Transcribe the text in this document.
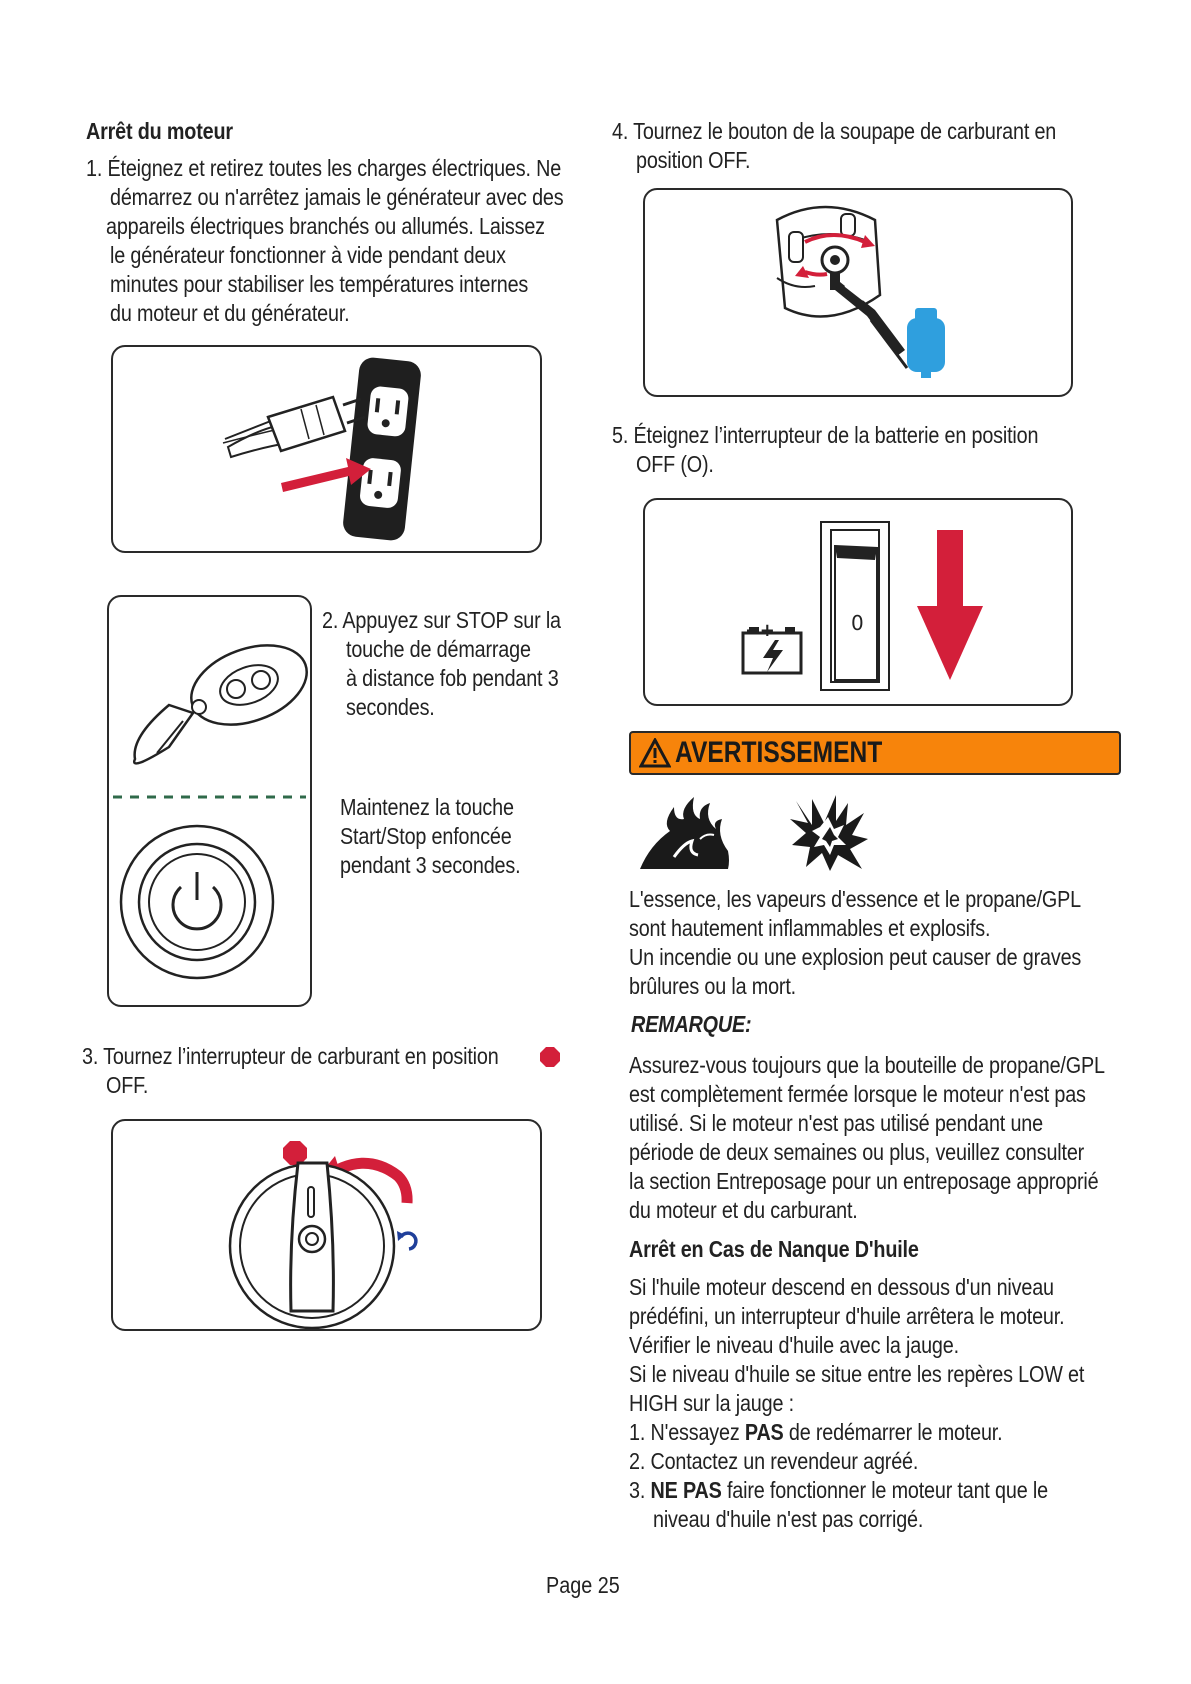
Arrêt du moteur
1. Éteignez et retirez toutes les charges électriques. Ne
démarrez ou n'arrêtez jamais le générateur avec des
appareils électriques branchés ou allumés. Laissez
le générateur fonctionner à vide pendant deux
minutes pour stabiliser les températures internes
du moteur et du générateur.
2. Appuyez sur STOP sur la
touche de démarrage
à distance fob pendant 3
secondes.
Maintenez la touche
Start/Stop enfoncée
pendant 3 secondes.
3. Tournez l’interrupteur de carburant en position
OFF.
4. Tournez le bouton de la soupape de carburant en
position OFF.
5. Éteignez l’interrupteur de la batterie en position
OFF (O).
- +	0
AVERTISSEMENT
L'essence, les vapeurs d'essence et le propane/GPL
sont hautement inflammables et explosifs.
Un incendie ou une explosion peut causer de graves
brûlures ou la mort.
REMARQUE:
Assurez-vous toujours que la bouteille de propane/GPL
est complètement fermée lorsque le moteur n'est pas
utilisé. Si le moteur n'est pas utilisé pendant une
période de deux semaines ou plus, veuillez consulter
la section Entreposage pour un entreposage approprié
du moteur et du carburant.
Arrêt en Cas de Nanque D'huile
Si l'huile moteur descend en dessous d'un niveau
prédéfini, un interrupteur d'huile arrêtera le moteur.
Vérifier le niveau d'huile avec la jauge.
Si le niveau d'huile se situe entre les repères LOW et
HIGH sur la jauge :
1. N'essayez PAS de redémarrer le moteur.
2. Contactez un revendeur agréé.
3. NE PAS faire fonctionner le moteur tant que le
niveau d'huile n'est pas corrigé.
Page 25
